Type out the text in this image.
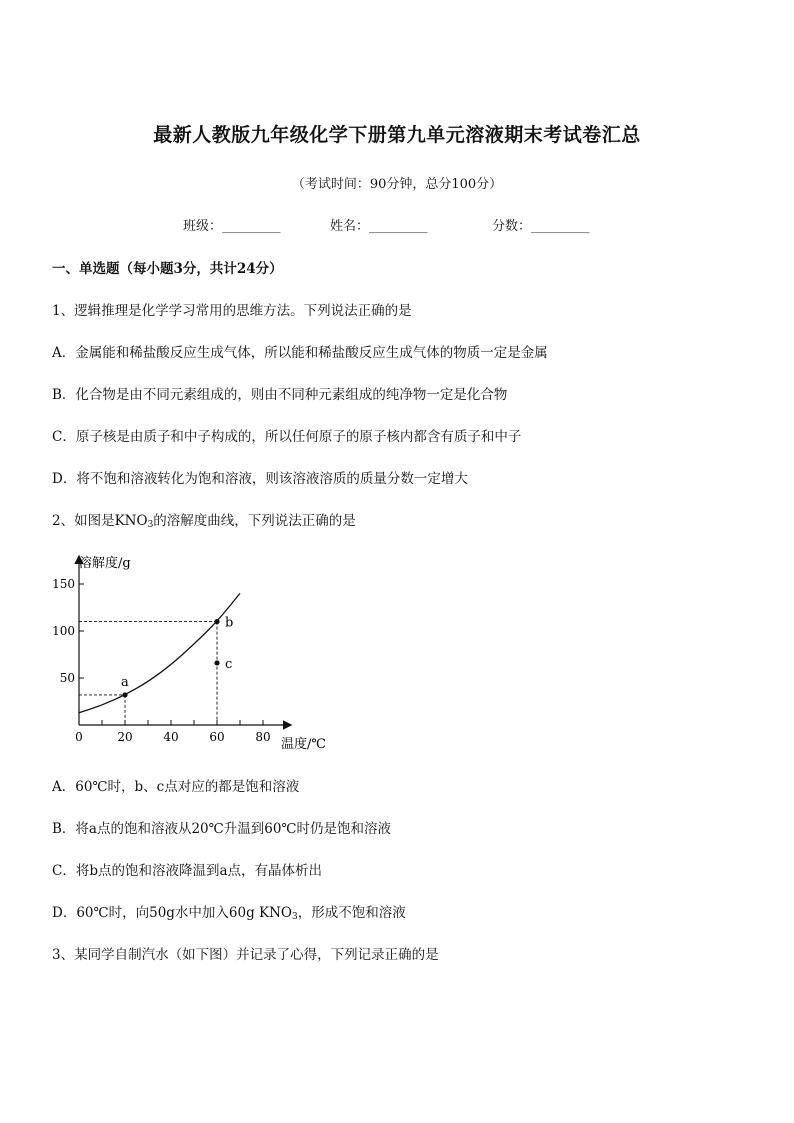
最新人教版九年级化学下册第九单元溶液期末考试卷汇总
（考试时间：90分钟，总分100分）
班级：_________	姓名：_________	分数：_________
一、单选题（每小题3分，共计24分）
1、逻辑推理是化学学习常用的思维方法。下列说法正确的是
A．金属能和稀盐酸反应生成气体，所以能和稀盐酸反应生成气体的物质一定是金属
B．化合物是由不同元素组成的，则由不同种元素组成的纯净物一定是化合物
C．原子核是由质子和中子构成的，所以任何原子的原子核内都含有质子和中子
D．将不饱和溶液转化为饱和溶液，则该溶液溶质的质量分数一定增大
2、如图是$KNO_3$的溶解度曲线，下列说法正确的是
溶解度/g
温度/℃
0	20	40	60	80
50
100
150
a
b
c
A．60℃时，b、c点对应的都是饱和溶液
B．将a点的饱和溶液从20℃升温到60℃时仍是饱和溶液
C．将b点的饱和溶液降温到a点，有晶体析出
D．60℃时，向50g水中加入60g $KNO_3$，形成不饱和溶液
3、某同学自制汽水（如下图）并记录了心得，下列记录正确的是
